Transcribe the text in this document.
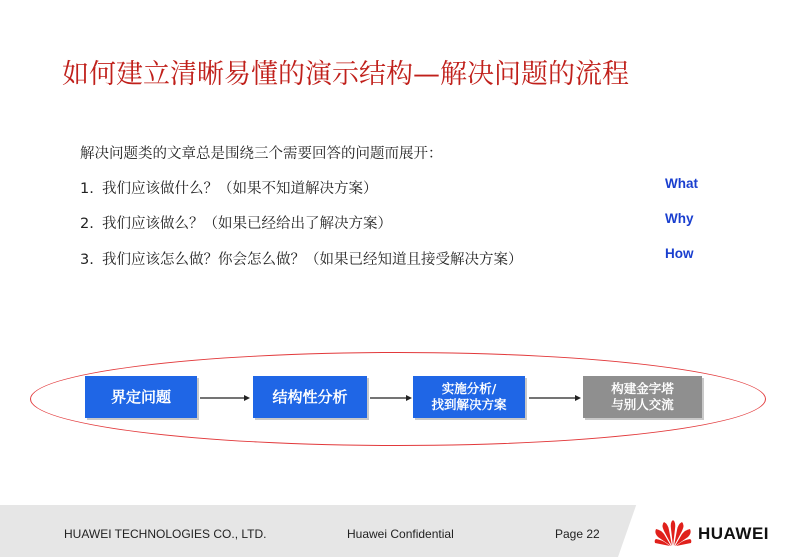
如何建立清晰易懂的演示结构—解决问题的流程
解决问题类的文章总是围绕三个需要回答的问题而展开：
1. 我们应该做什么？（如果不知道解决方案）	What
2. 我们应该做么？（如果已经给出了解决方案）	Why
3. 我们应该怎么做？你会怎么做？（如果已经知道且接受解决方案）	How
界定问题	结构性分析	实施分析/
找到解决方案
构建金字塔
与别人交流
HUAWEI TECHNOLOGIES CO., LTD.	Huawei Confidential	Page 22	HUAWEI
